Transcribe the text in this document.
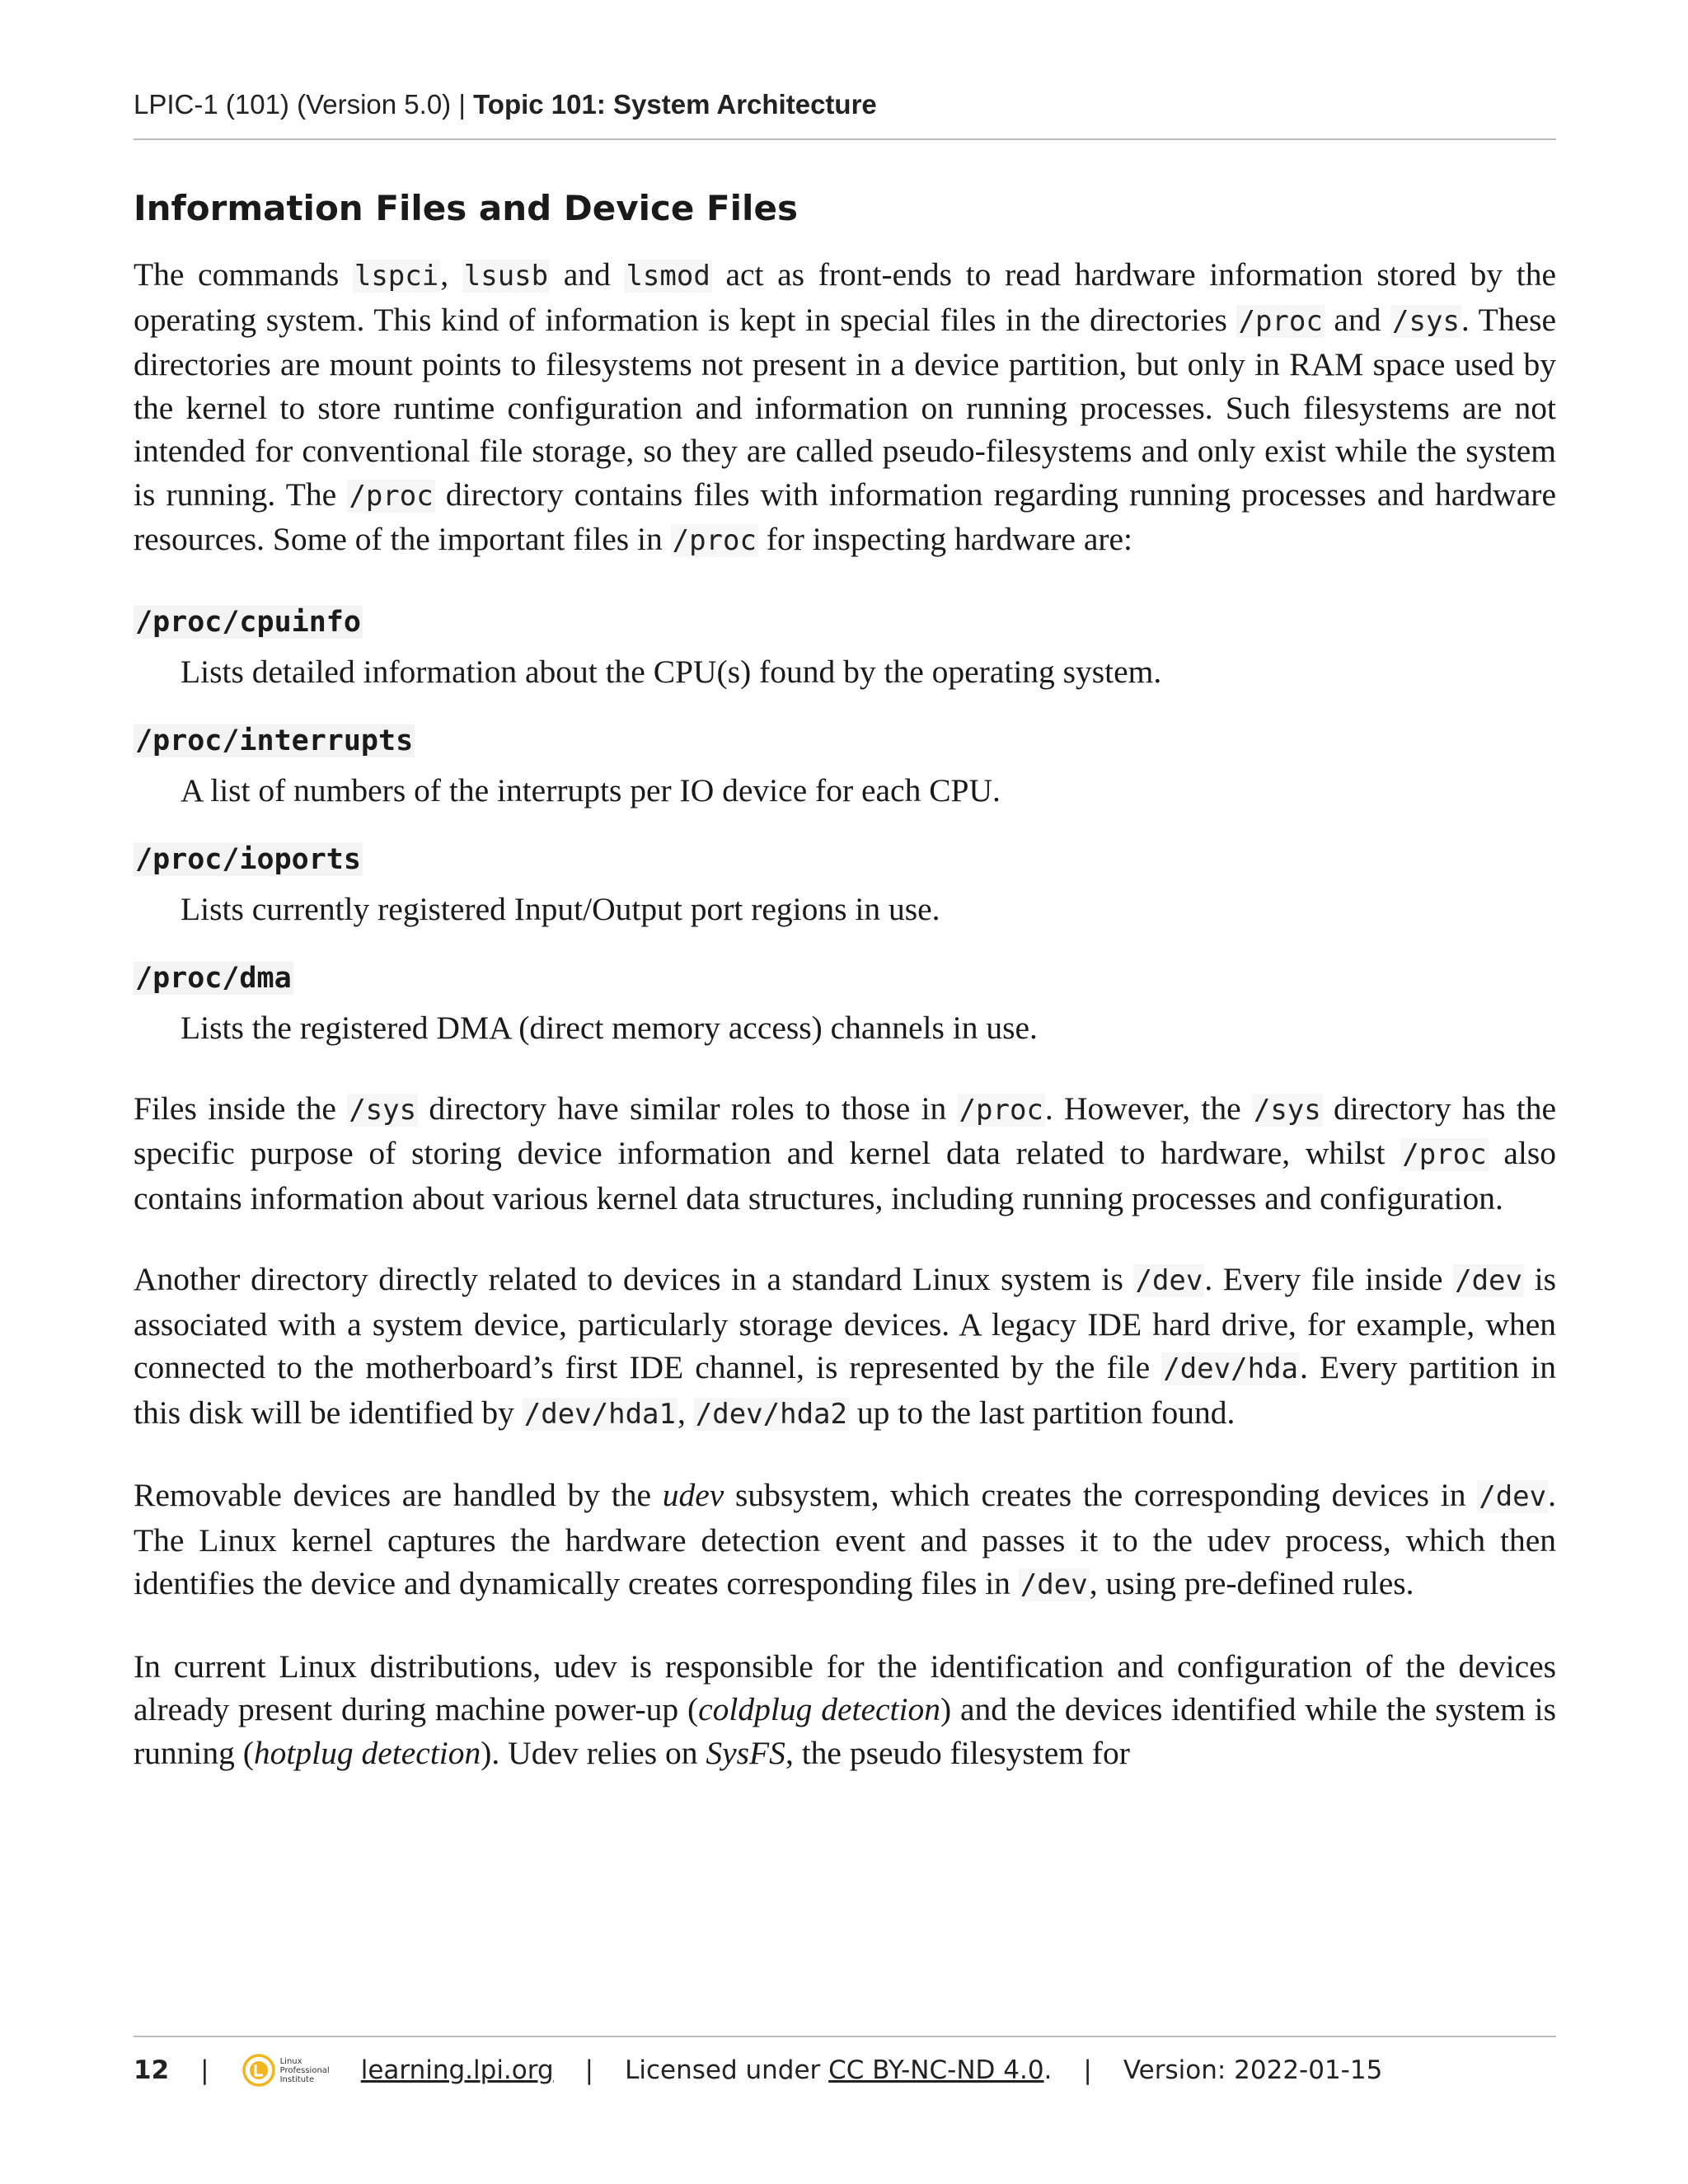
LPIC-1 (101) (Version 5.0) | Topic 101: System Architecture
Information Files and Device Files

The commands lspci, lsusb and lsmod act as front-ends to read hardware information stored by the operating system. This kind of information is kept in special files in the directories /proc and /sys. These directories are mount points to filesystems not present in a device partition, but only in RAM space used by the kernel to store runtime configuration and information on running processes. Such filesystems are not intended for conventional file storage, so they are called pseudo-filesystems and only exist while the system is running. The /proc directory contains files with information regarding running processes and hardware resources. Some of the important files in /proc for inspecting hardware are:

/proc/cpuinfo
Lists detailed information about the CPU(s) found by the operating system.
/proc/interrupts
A list of numbers of the interrupts per IO device for each CPU.
/proc/ioports
Lists currently registered Input/Output port regions in use.
/proc/dma
Lists the registered DMA (direct memory access) channels in use.

Files inside the /sys directory have similar roles to those in /proc. However, the /sys directory has the specific purpose of storing device information and kernel data related to hardware, whilst /proc also contains information about various kernel data structures, including running processes and configuration.

Another directory directly related to devices in a standard Linux system is /dev. Every file inside /dev is associated with a system device, particularly storage devices. A legacy IDE hard drive, for example, when connected to the motherboard’s first IDE channel, is represented by the file /dev/hda. Every partition in this disk will be identified by /dev/hda1, /dev/hda2 up to the last partition found.

Removable devices are handled by the udev subsystem, which creates the corresponding devices in /dev. The Linux kernel captures the hardware detection event and passes it to the udev process, which then identifies the device and dynamically creates corresponding files in /dev, using pre-defined rules.

In current Linux distributions, udev is responsible for the identification and configuration of the devices already present during machine power-up (coldplug detection) and the devices identified while the system is running (hotplug detection). Udev relies on SysFS, the pseudo filesystem for

12 |	Linux
Professional
Institute	learning.lpi.org | Licensed under CC BY-NC-ND 4.0. | Version: 2022-01-15
